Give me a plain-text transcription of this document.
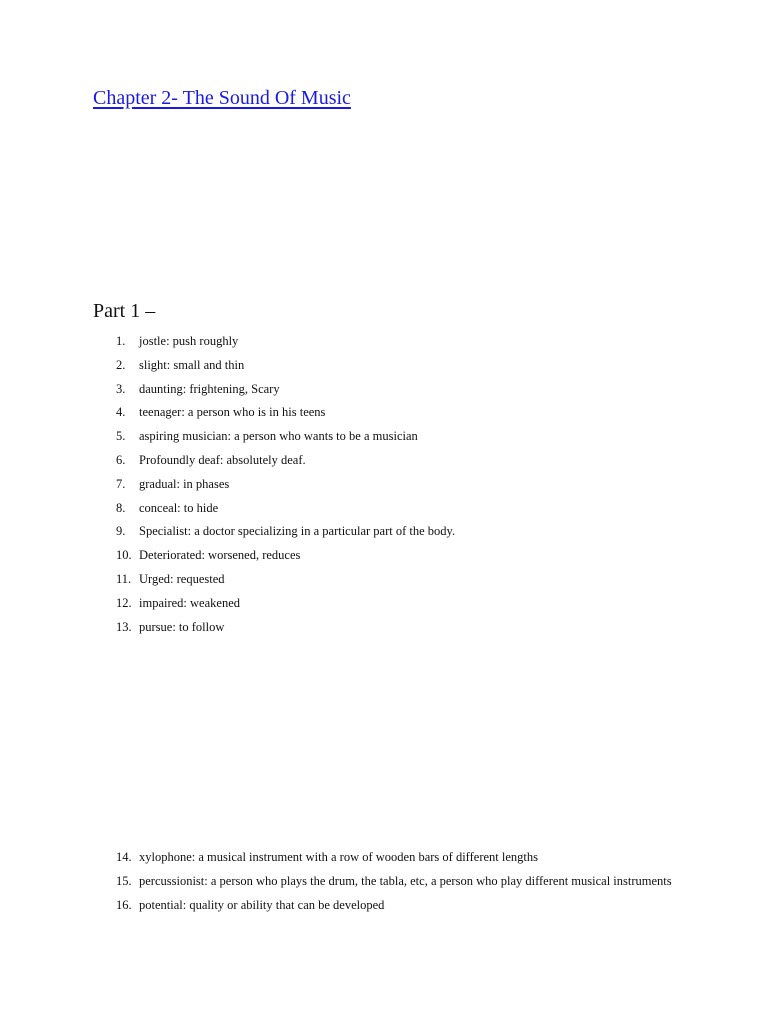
Chapter 2- The Sound Of Music
Part 1 –
1.	jostle: push roughly
2.	slight: small and thin
3.	daunting: frightening, Scary
4.	teenager: a person who is in his teens
5.	aspiring musician: a person who wants to be a musician
6.	Profoundly deaf: absolutely deaf.
7.	gradual: in phases
8.	conceal: to hide
9.	Specialist: a doctor specializing in a particular part of the body.
10. Deteriorated: worsened, reduces
11. Urged: requested
12. impaired: weakened
13. pursue: to follow
14. xylophone: a musical instrument with a row of wooden bars of different lengths
15. percussionist: a person who plays the drum, the tabla, etc, a person who play different musical instruments
16. potential: quality or ability that can be developed
